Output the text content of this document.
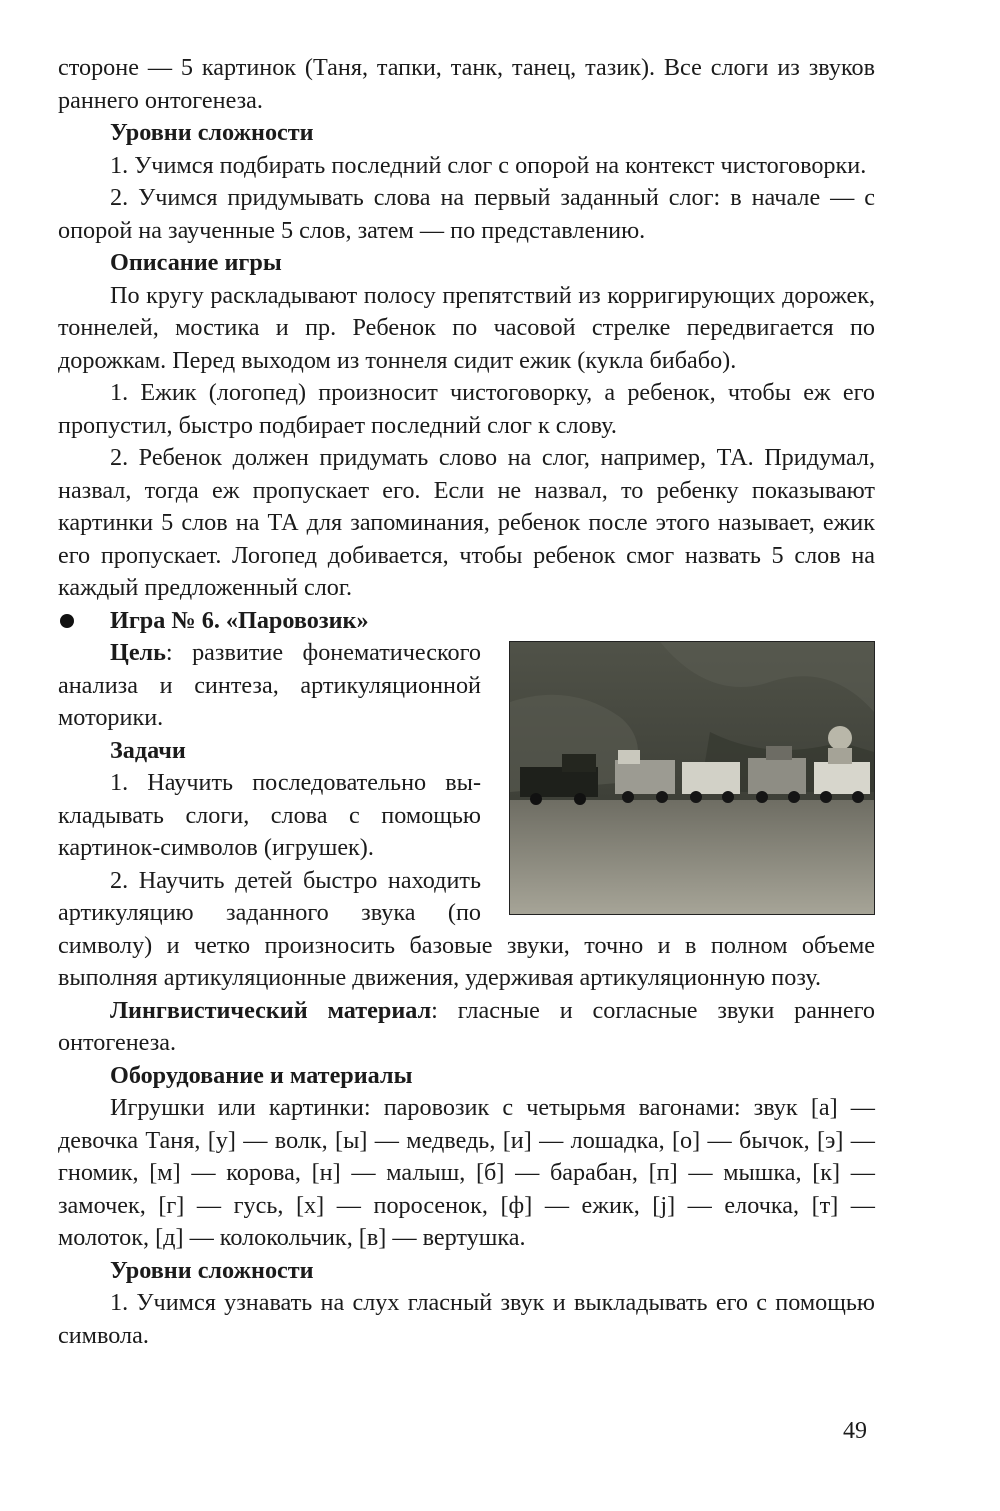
стороне — 5 картинок (Таня, тапки, танк, танец, тазик). Все слоги из звуков раннего онтогенеза.

Уровни сложности

1. Учимся подбирать последний слог с опорой на контекст чистоговорки.

2. Учимся придумывать слова на первый заданный слог: в начале — с опорой на заученные 5 слов, затем — по представлению.

Описание игры

По кругу раскладывают полосу препятствий из корригирующих дорожек, тоннелей, мостика и пр. Ребенок по часовой стрелке передвигается по дорожкам. Перед выходом из тоннеля сидит ежик (кукла бибабо).

1. Ежик (логопед) произносит чистоговорку, а ребенок, чтобы еж его пропустил, быстро подбирает последний слог к слову.

2. Ребенок должен придумать слово на слог, например, ТА. Придумал, назвал, тогда еж пропускает его. Если не назвал, то ребенку показывают картинки 5 слов на ТА для запоминания, ребенок после этого называет, ежик его пропускает. Логопед добивается, чтобы ребенок смог назвать 5 слов на каждый предложенный слог.

Игра № 6. «Паровозик»

Цель: развитие фонематического анализа и синтеза, артикуляционной моторики.

Задачи

1. Научить последовательно выкладывать слоги, слова с помощью картинок-символов (игрушек).

2. Научить детей быстро находить артикуляцию заданного звука (по символу) и четко произносить базовые звуки, точно и в полном объеме выполняя артикуляционные движения, удерживая артикуляционную позу.

Лингвистический материал: гласные и согласные звуки раннего онтогенеза.

Оборудование и материалы

Игрушки или картинки: паровозик с четырьмя вагонами: звук [а] — девочка Таня, [у] — волк, [ы] — медведь, [и] — лошадка, [о] — бычок, [э] — гномик, [м] — корова, [н] — малыш, [б] — барабан, [п] — мышка, [к] — замочек, [г] — гусь, [х] — поросенок, [ф] — ежик, [j] — елочка, [т] — молоток, [д] — колокольчик, [в] — вертушка.

Уровни сложности

1. Учимся узнавать на слух гласный звук и выкладывать его с помощью символа.

49
